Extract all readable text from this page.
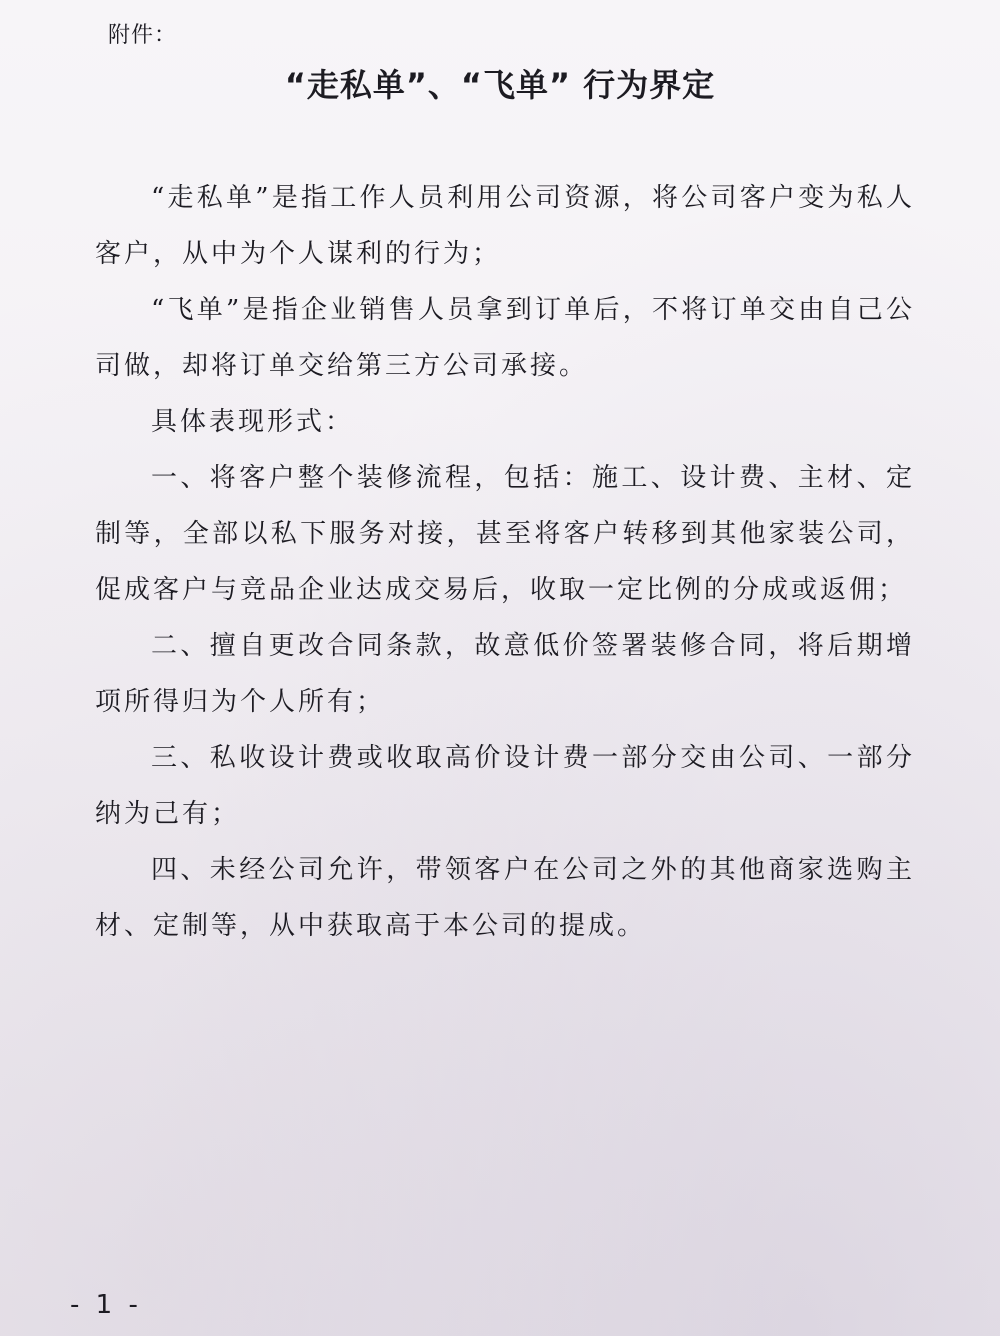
附件：
“走私单”、“飞单” 行为界定

“走私单”是指工作人员利用公司资源，将公司客户变为私人客户，从中为个人谋利的行为；

“飞单”是指企业销售人员拿到订单后，不将订单交由自己公司做，却将订单交给第三方公司承接。

具体表现形式：

一、将客户整个装修流程，包括：施工、设计费、主材、定制等，全部以私下服务对接，甚至将客户转移到其他家装公司，促成客户与竞品企业达成交易后，收取一定比例的分成或返佣；

二、擅自更改合同条款，故意低价签署装修合同，将后期增项所得归为个人所有；

三、私收设计费或收取高价设计费一部分交由公司、一部分纳为己有；

四、未经公司允许，带领客户在公司之外的其他商家选购主材、定制等，从中获取高于本公司的提成。

- 1 -
